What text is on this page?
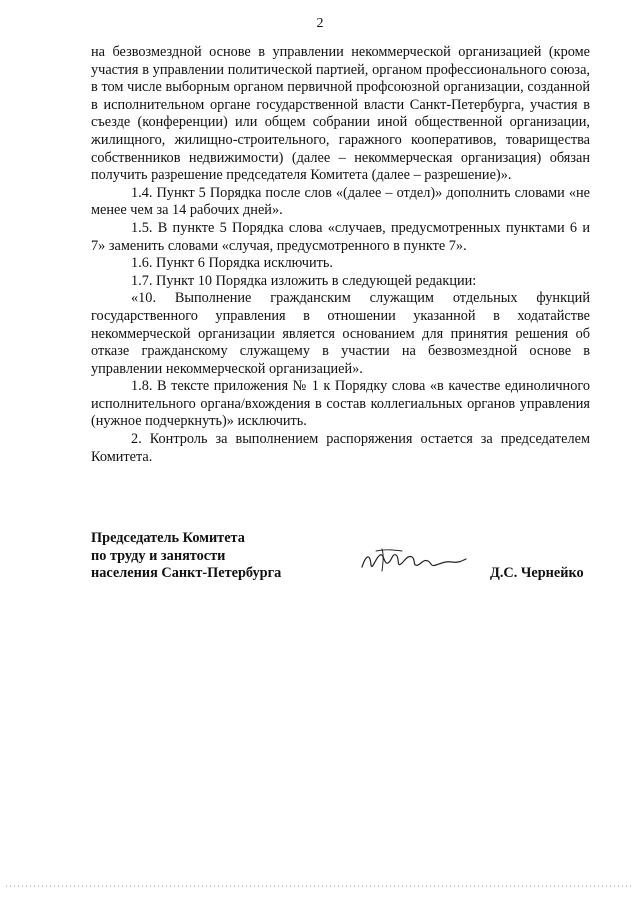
2

на безвозмездной основе в управлении некоммерческой организацией (кроме участия в управлении политической партией, органом профессионального союза, в том числе выборным органом первичной профсоюзной организации, созданной в исполнительном органе государственной власти Санкт-Петербурга, участия в съезде (конференции) или общем собрании иной общественной организации, жилищного, жилищно-строительного, гаражного кооперативов, товарищества собственников недвижимости) (далее – некоммерческая организация) обязан получить разрешение председателя Комитета (далее – разрешение)».

1.4. Пункт 5 Порядка после слов «(далее – отдел)» дополнить словами «не менее чем за 14 рабочих дней».

1.5. В пункте 5 Порядка слова «случаев, предусмотренных пунктами 6 и 7» заменить словами «случая, предусмотренного в пункте 7».

1.6. Пункт 6 Порядка исключить.

1.7. Пункт 10 Порядка изложить в следующей редакции:

«10. Выполнение гражданским служащим отдельных функций государственного управления в отношении указанной в ходатайстве некоммерческой организации является основанием для принятия решения об отказе гражданскому служащему в участии на безвозмездной основе в управлении некоммерческой организацией».

1.8. В тексте приложения № 1 к Порядку слова «в качестве единоличного исполнительного органа/вхождения в состав коллегиальных органов управления (нужное подчеркнуть)» исключить.

2. Контроль за выполнением распоряжения остается за председателем Комитета.

Председатель Комитета
по труду и занятости
населения Санкт-Петербурга	Д.С. Чернейко
